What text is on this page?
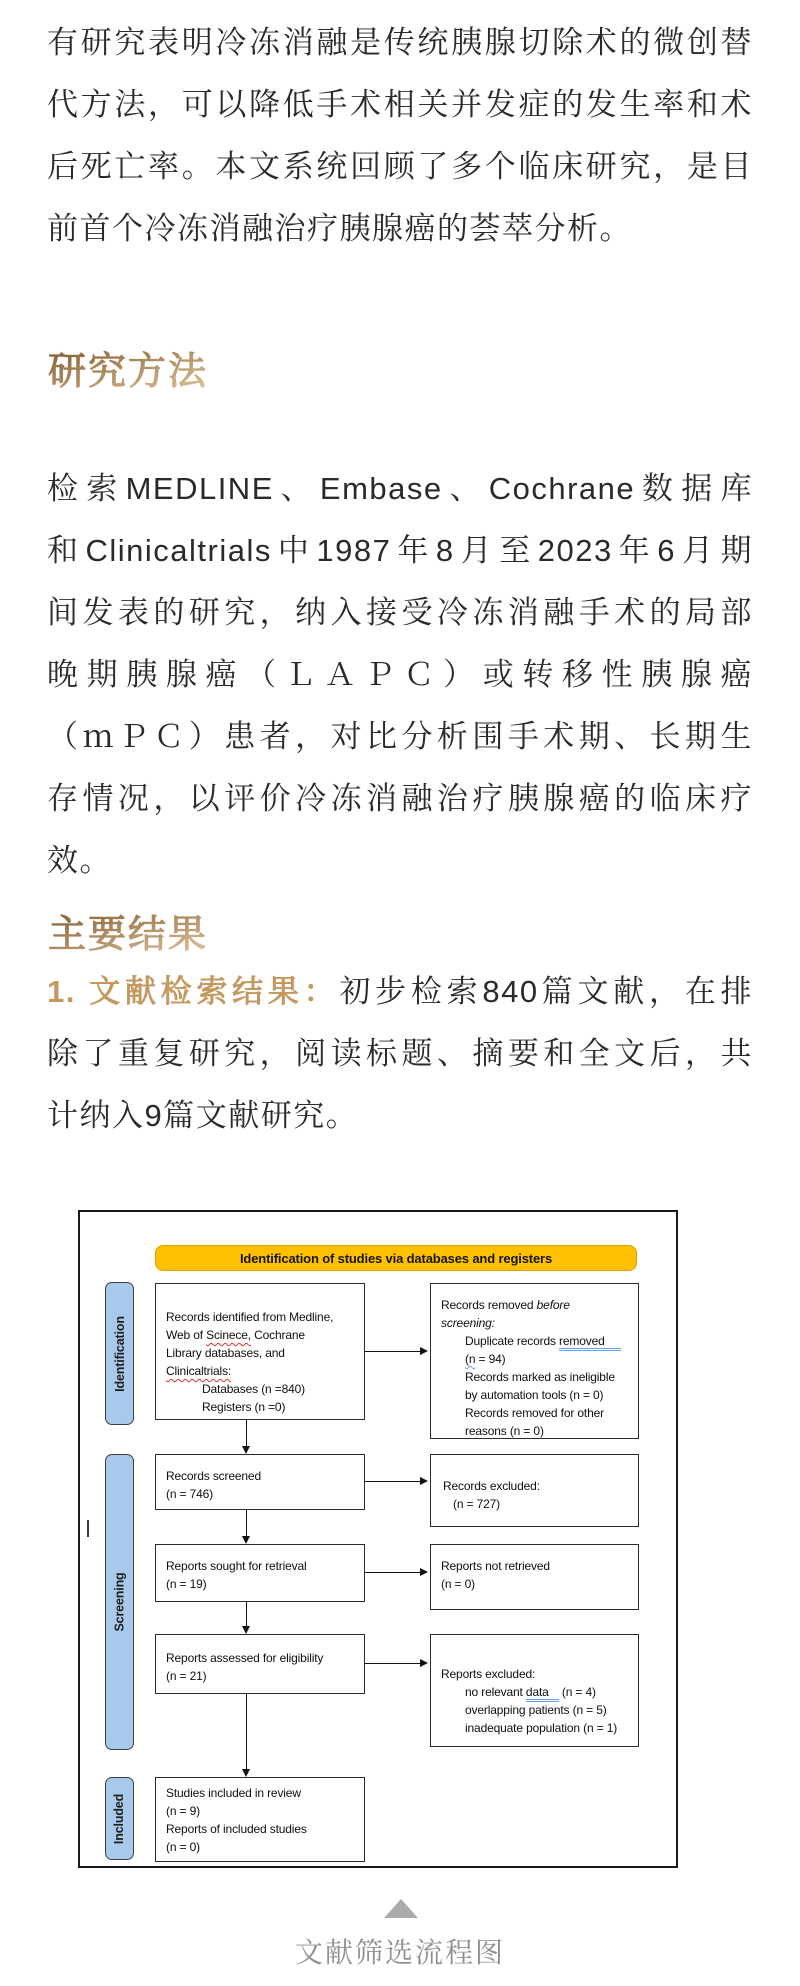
有研究表明冷冻消融是传统胰腺切除术的微创替
代方法，可以降低手术相关并发症的发生率和术
后死亡率。本文系统回顾了多个临床研究，是目
前首个冷冻消融治疗胰腺癌的荟萃分析。
研究方法
检索MEDLINE、Embase、Cochrane数据库
和Clinicaltrials中1987年8月至2023年6月期
间发表的研究，纳入接受冷冻消融手术的局部
晚期胰腺癌（ＬＡＰＣ）或转移性胰腺癌
（ｍＰＣ）患者，对比分析围手术期、长期生
存情况，以评价冷冻消融治疗胰腺癌的临床疗
效。
主要结果
1. 文献检索结果：初步检索840篇文献，在排
除了重复研究，阅读标题、摘要和全文后，共
计纳入9篇文献研究。
Identification of studies via databases and registers
Identification
Screening
Included
Records identified from Medline,
Web of Scinece, Cochrane
Library databases, and
Clinicaltrials:
Databases (n =840)
Registers (n =0)
Records removed before
screening:
Duplicate records removed
(n = 94)
Records marked as ineligible
by automation tools (n = 0)
Records removed for other
reasons (n = 0)
Records screened
(n = 746)
Records excluded:
(n = 727)
Reports sought for retrieval
(n = 19)
Reports not retrieved
(n = 0)
Reports assessed for eligibility
(n = 21)	Reports excluded:
no relevant data (n = 4)
overlapping patients (n = 5)
inadequate population (n = 1)
Studies included in review
(n = 9)
Reports of included studies
(n = 0)
文献筛选流程图
